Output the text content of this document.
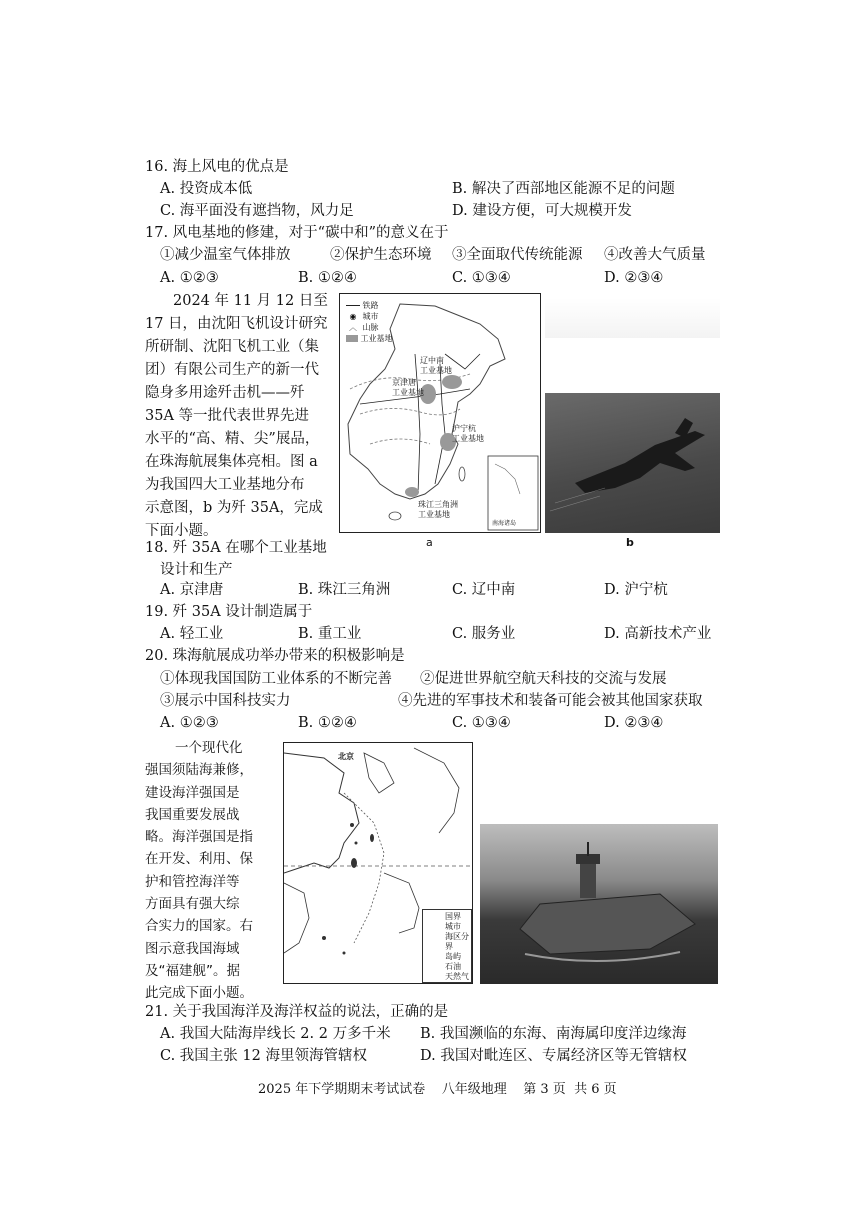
16. 海上风电的优点是
A. 投资成本低	B. 解决了西部地区能源不足的问题
C. 海平面没有遮挡物，风力足	D. 建设方便，可大规模开发
17. 风电基地的修建，对于“碳中和”的意义在于
①减少温室气体排放	②保护生态环境 ③全面取代传统能源 ④改善大气质量
A. ①②③	B. ①②④	C. ①③④	D. ②③④
2024 年 11 月 12 日至
17 日，由沈阳飞机设计研究
所研制、沈阳飞机工业（集
团）有限公司生产的新一代
隐身多用途歼击机——歼
35A 等一批代表世界先进
水平的“高、精、尖”展品，
在珠海航展集体亮相。图 a
为我国四大工业基地分布
示意图，b 为歼 35A，完成
下面小题。
铁路
◉ 城市
︿ 山脉
工业基地
辽中南
工业基地
京津唐
工业基地
沪宁杭
工业基地
珠江三角洲
工业基地
南海诸岛
a	b
18. 歼 35A 在哪个工业基地
设计和生产
A. 京津唐	B. 珠江三角洲	C. 辽中南	D. 沪宁杭
19. 歼 35A 设计制造属于
A. 轻工业	B. 重工业	C. 服务业	D. 高新技术产业
20. 珠海航展成功举办带来的积极影响是
①体现我国国防工业体系的不断完善 ②促进世界航空航天科技的交流与发展
③展示中国科技实力	④先进的军事技术和装备可能会被其他国家获取
A. ①②③	B. ①②④	C. ①③④	D. ②③④
一个现代化
强国须陆海兼修，
建设海洋强国是
我国重要发展战
略。海洋强国是指
在开发、利用、保
护和管控海洋等
方面具有强大综
合实力的国家。右
图示意我国海域
及“福建舰”。据
此完成下面小题。
北京
国界
城市
海区分界
岛屿
石油
天然气
21. 关于我国海洋及海洋权益的说法，正确的是
A. 我国大陆海岸线长 2. 2 万多千米 B. 我国濒临的东海、南海属印度洋边缘海
C. 我国主张 12 海里领海管辖权	D. 我国对毗连区、专属经济区等无管辖权
2025 年下学期期末考试试卷    八年级地理    第 3 页  共 6 页
